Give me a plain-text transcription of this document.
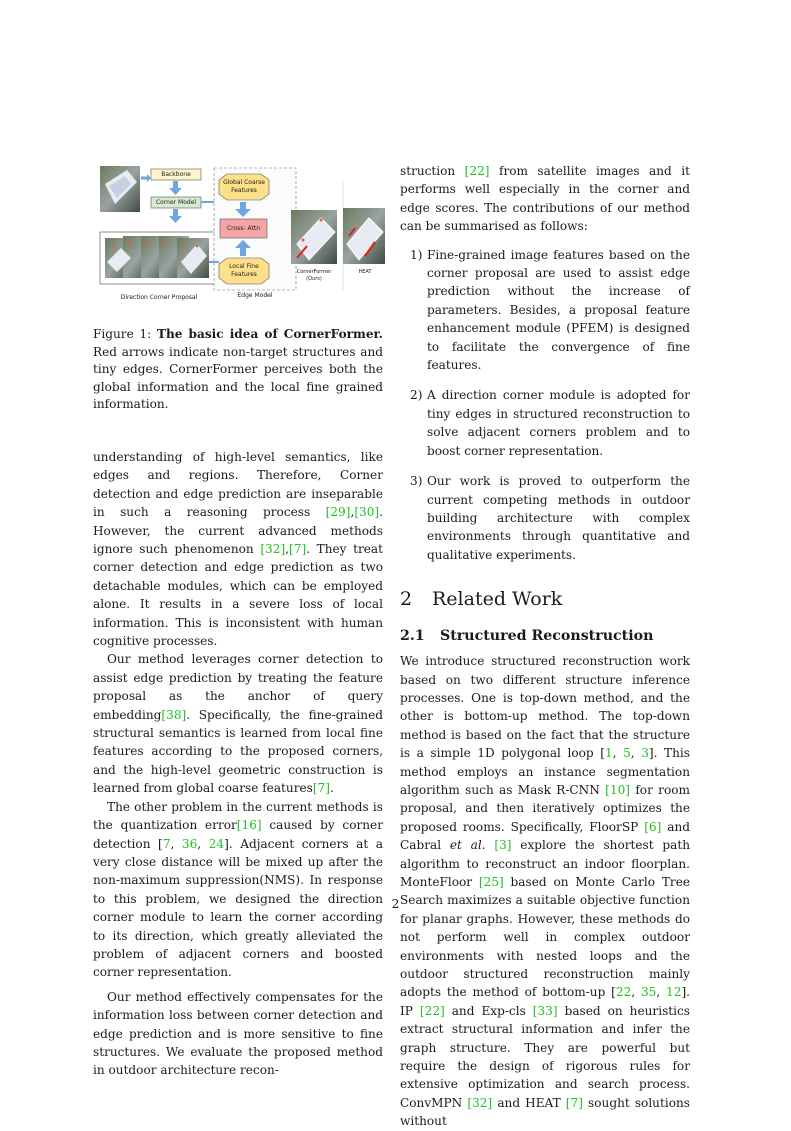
Backbone
Corner Model
Global Coarse Features
Cross- Attn
Local Fine Features
Edge Model
Direction Corner Proposal
CornerFormer
(Ours)
HEAT

Figure 1: The basic idea of CornerFormer. Red arrows indicate non-target structures and tiny edges. CornerFormer perceives both the global information and the local fine grained information.

understanding of high-level semantics, like edges and regions. Therefore, Corner detection and edge prediction are inseparable in such a reasoning process [29],[30]. However, the current advanced methods ignore such phenomenon [32],[7]. They treat corner detection and edge prediction as two detachable modules, which can be employed alone. It results in a severe loss of local information. This is inconsistent with human cognitive processes.

Our method leverages corner detection to assist edge prediction by treating the feature proposal as the anchor of query embedding[38]. Specifically, the fine-grained structural semantics is learned from local fine features according to the proposed corners, and the high-level geometric construction is learned from global coarse features[7].

The other problem in the current methods is the quantization error[16] caused by corner detection [7, 36, 24]. Adjacent corners at a very close distance will be mixed up after the non-maximum suppression(NMS). In response to this problem, we designed the direction corner module to learn the corner according to its direction, which greatly alleviated the problem of adjacent corners and boosted corner representation.

Our method effectively compensates for the information loss between corner detection and edge prediction and is more sensitive to fine structures. We evaluate the proposed method in outdoor architecture recon-

struction [22] from satellite images and it performs well especially in the corner and edge scores. The contributions of our method can be summarised as follows:

1) Fine-grained image features based on the corner proposal are used to assist edge prediction without the increase of parameters. Besides, a proposal feature enhancement module (PFEM) is designed to facilitate the convergence of fine features.
2) A direction corner module is adopted for tiny edges in structured reconstruction to solve adjacent corners problem and to boost corner representation.
3) Our work is proved to outperform the current competing methods in outdoor building architecture with complex environments through quantitative and qualitative experiments.
2 Related Work
2.1 Structured Reconstruction

We introduce structured reconstruction work based on two different structure inference processes. One is top-down method, and the other is bottom-up method. The top-down method is based on the fact that the structure is a simple 1D polygonal loop [1, 5, 3]. This method employs an instance segmentation algorithm such as Mask R-CNN [10] for room proposal, and then iteratively optimizes the proposed rooms. Specifically, FloorSP [6] and Cabral et al. [3] explore the shortest path algorithm to reconstruct an indoor floorplan. MonteFloor [25] based on Monte Carlo Tree Search maximizes a suitable objective function for planar graphs. However, these methods do not perform well in complex outdoor environments with nested loops and the outdoor structured reconstruction mainly adopts the method of bottom-up [22, 35, 12]. IP [22] and Exp-cls [33] based on heuristics extract structural information and infer the graph structure. They are powerful but require the design of rigorous rules for extensive optimization and search process. ConvMPN [32] and HEAT [7] sought solutions without

2
